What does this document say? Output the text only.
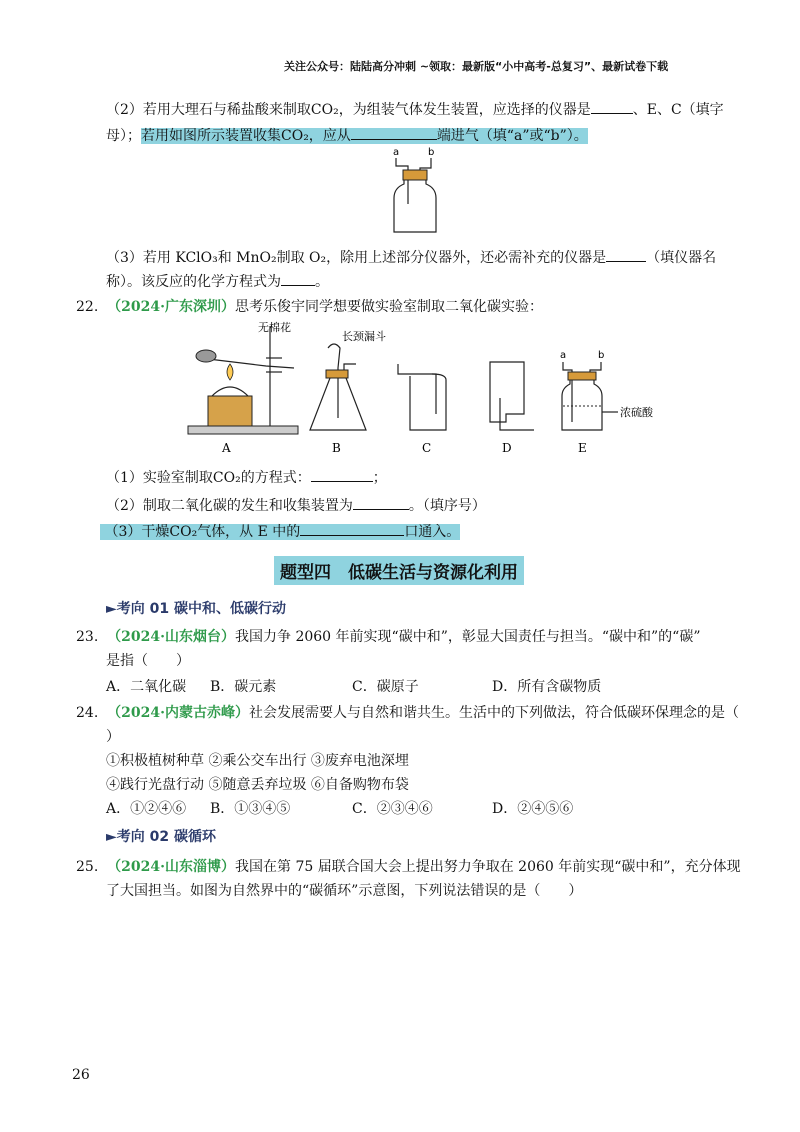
关注公众号：陆陆高分冲刺 ~领取：最新版“小中高考-总复习”、最新试卷下载
（2）若用大理石与稀盐酸来制取CO₂，为组装气体发生装置，应选择的仪器是	、E、C（填字
母）；若用如图所示装置收集CO₂，应从	端进气（填“a”或“b”）。
a	b
（3）若用 KClO₃和 MnO₂制取 O₂，除用上述部分仪器外，还必需补充的仪器是	（填仪器名
称）。该反应的化学方程式为 。
22. （2024·广东深圳）思考乐俊宇同学想要做实验室制取二氧化碳实验：
无棉花
A
长颈漏斗
B	C	D
a	b
浓硫酸
E
（1）实验室制取CO₂的方程式：	；
（2）制取二氧化碳的发生和收集装置为	。（填序号）
（3）干燥CO₂气体，从 E 中的	口通入。
题型四　低碳生活与资源化利用
►考向 01 碳中和、低碳行动
23. （2024·山东烟台）我国力争 2060 年前实现“碳中和”，彰显大国责任与担当。“碳中和”的“碳”
是指（　　）
A．二氧化碳 B．碳元素	C．碳原子	D．所有含碳物质
24. （2024·内蒙古赤峰）社会发展需要人与自然和谐共生。生活中的下列做法，符合低碳环保理念的是（
）
①积极植树种草 ②乘公交车出行 ③废弃电池深埋
④践行光盘行动 ⑤随意丢弃垃圾 ⑥自备购物布袋
A．①②④⑥ B．①③④⑤	C．②③④⑥	D．②④⑤⑥
►考向 02 碳循环
25. （2024·山东淄博）我国在第 75 届联合国大会上提出努力争取在 2060 年前实现“碳中和”，充分体现
了大国担当。如图为自然界中的“碳循环”示意图，下列说法错误的是（　　）
26
